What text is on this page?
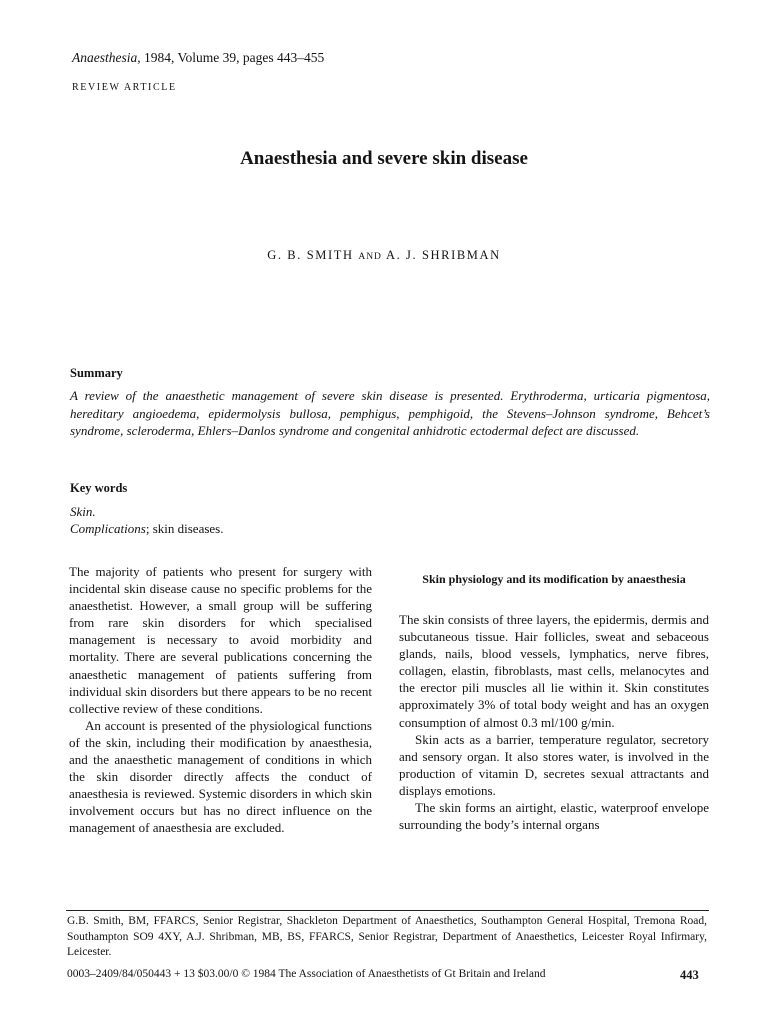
Anaesthesia, 1984, Volume 39, pages 443–455
REVIEW ARTICLE
Anaesthesia and severe skin disease
G. B. SMITH AND A. J. SHRIBMAN
Summary
A review of the anaesthetic management of severe skin disease is presented. Erythroderma, urticaria pigmentosa, hereditary angioedema, epidermolysis bullosa, pemphigus, pemphigoid, the Stevens–Johnson syndrome, Behcet’s syndrome, scleroderma, Ehlers–Danlos syndrome and congenital anhidrotic ectodermal defect are discussed.
Key words
Skin.
Complications; skin diseases.

The majority of patients who present for surgery with incidental skin disease cause no specific problems for the anaesthetist. However, a small group will be suffering from rare skin disorders for which specialised management is necessary to avoid morbidity and mortality. There are several publications concerning the anaesthetic management of patients suffering from individual skin disorders but there appears to be no recent collective review of these conditions.

An account is presented of the physiological functions of the skin, including their modification by anaesthesia, and the anaesthetic management of conditions in which the skin disorder directly affects the conduct of anaesthesia is reviewed. Systemic disorders in which skin involvement occurs but has no direct influence on the management of anaesthesia are excluded.

Skin physiology and its modification by anaesthesia

The skin consists of three layers, the epidermis, dermis and subcutaneous tissue. Hair follicles, sweat and sebaceous glands, nails, blood vessels, lymphatics, nerve fibres, collagen, elastin, fibroblasts, mast cells, melanocytes and the erector pili muscles all lie within it. Skin constitutes approximately 3% of total body weight and has an oxygen consumption of almost 0.3 ml/100 g/min.

Skin acts as a barrier, temperature regulator, secretory and sensory organ. It also stores water, is involved in the production of vitamin D, secretes sexual attractants and displays emotions.

The skin forms an airtight, elastic, waterproof envelope surrounding the body’s internal organs

G.B. Smith, BM, FFARCS, Senior Registrar, Shackleton Department of Anaesthetics, Southampton General Hospital, Tremona Road, Southampton SO9 4XY, A.J. Shribman, MB, BS, FFARCS, Senior Registrar, Department of Anaesthetics, Leicester Royal Infirmary, Leicester.
0003–2409/84/050443 + 13 $03.00/0 © 1984 The Association of Anaesthetists of Gt Britain and Ireland	443
